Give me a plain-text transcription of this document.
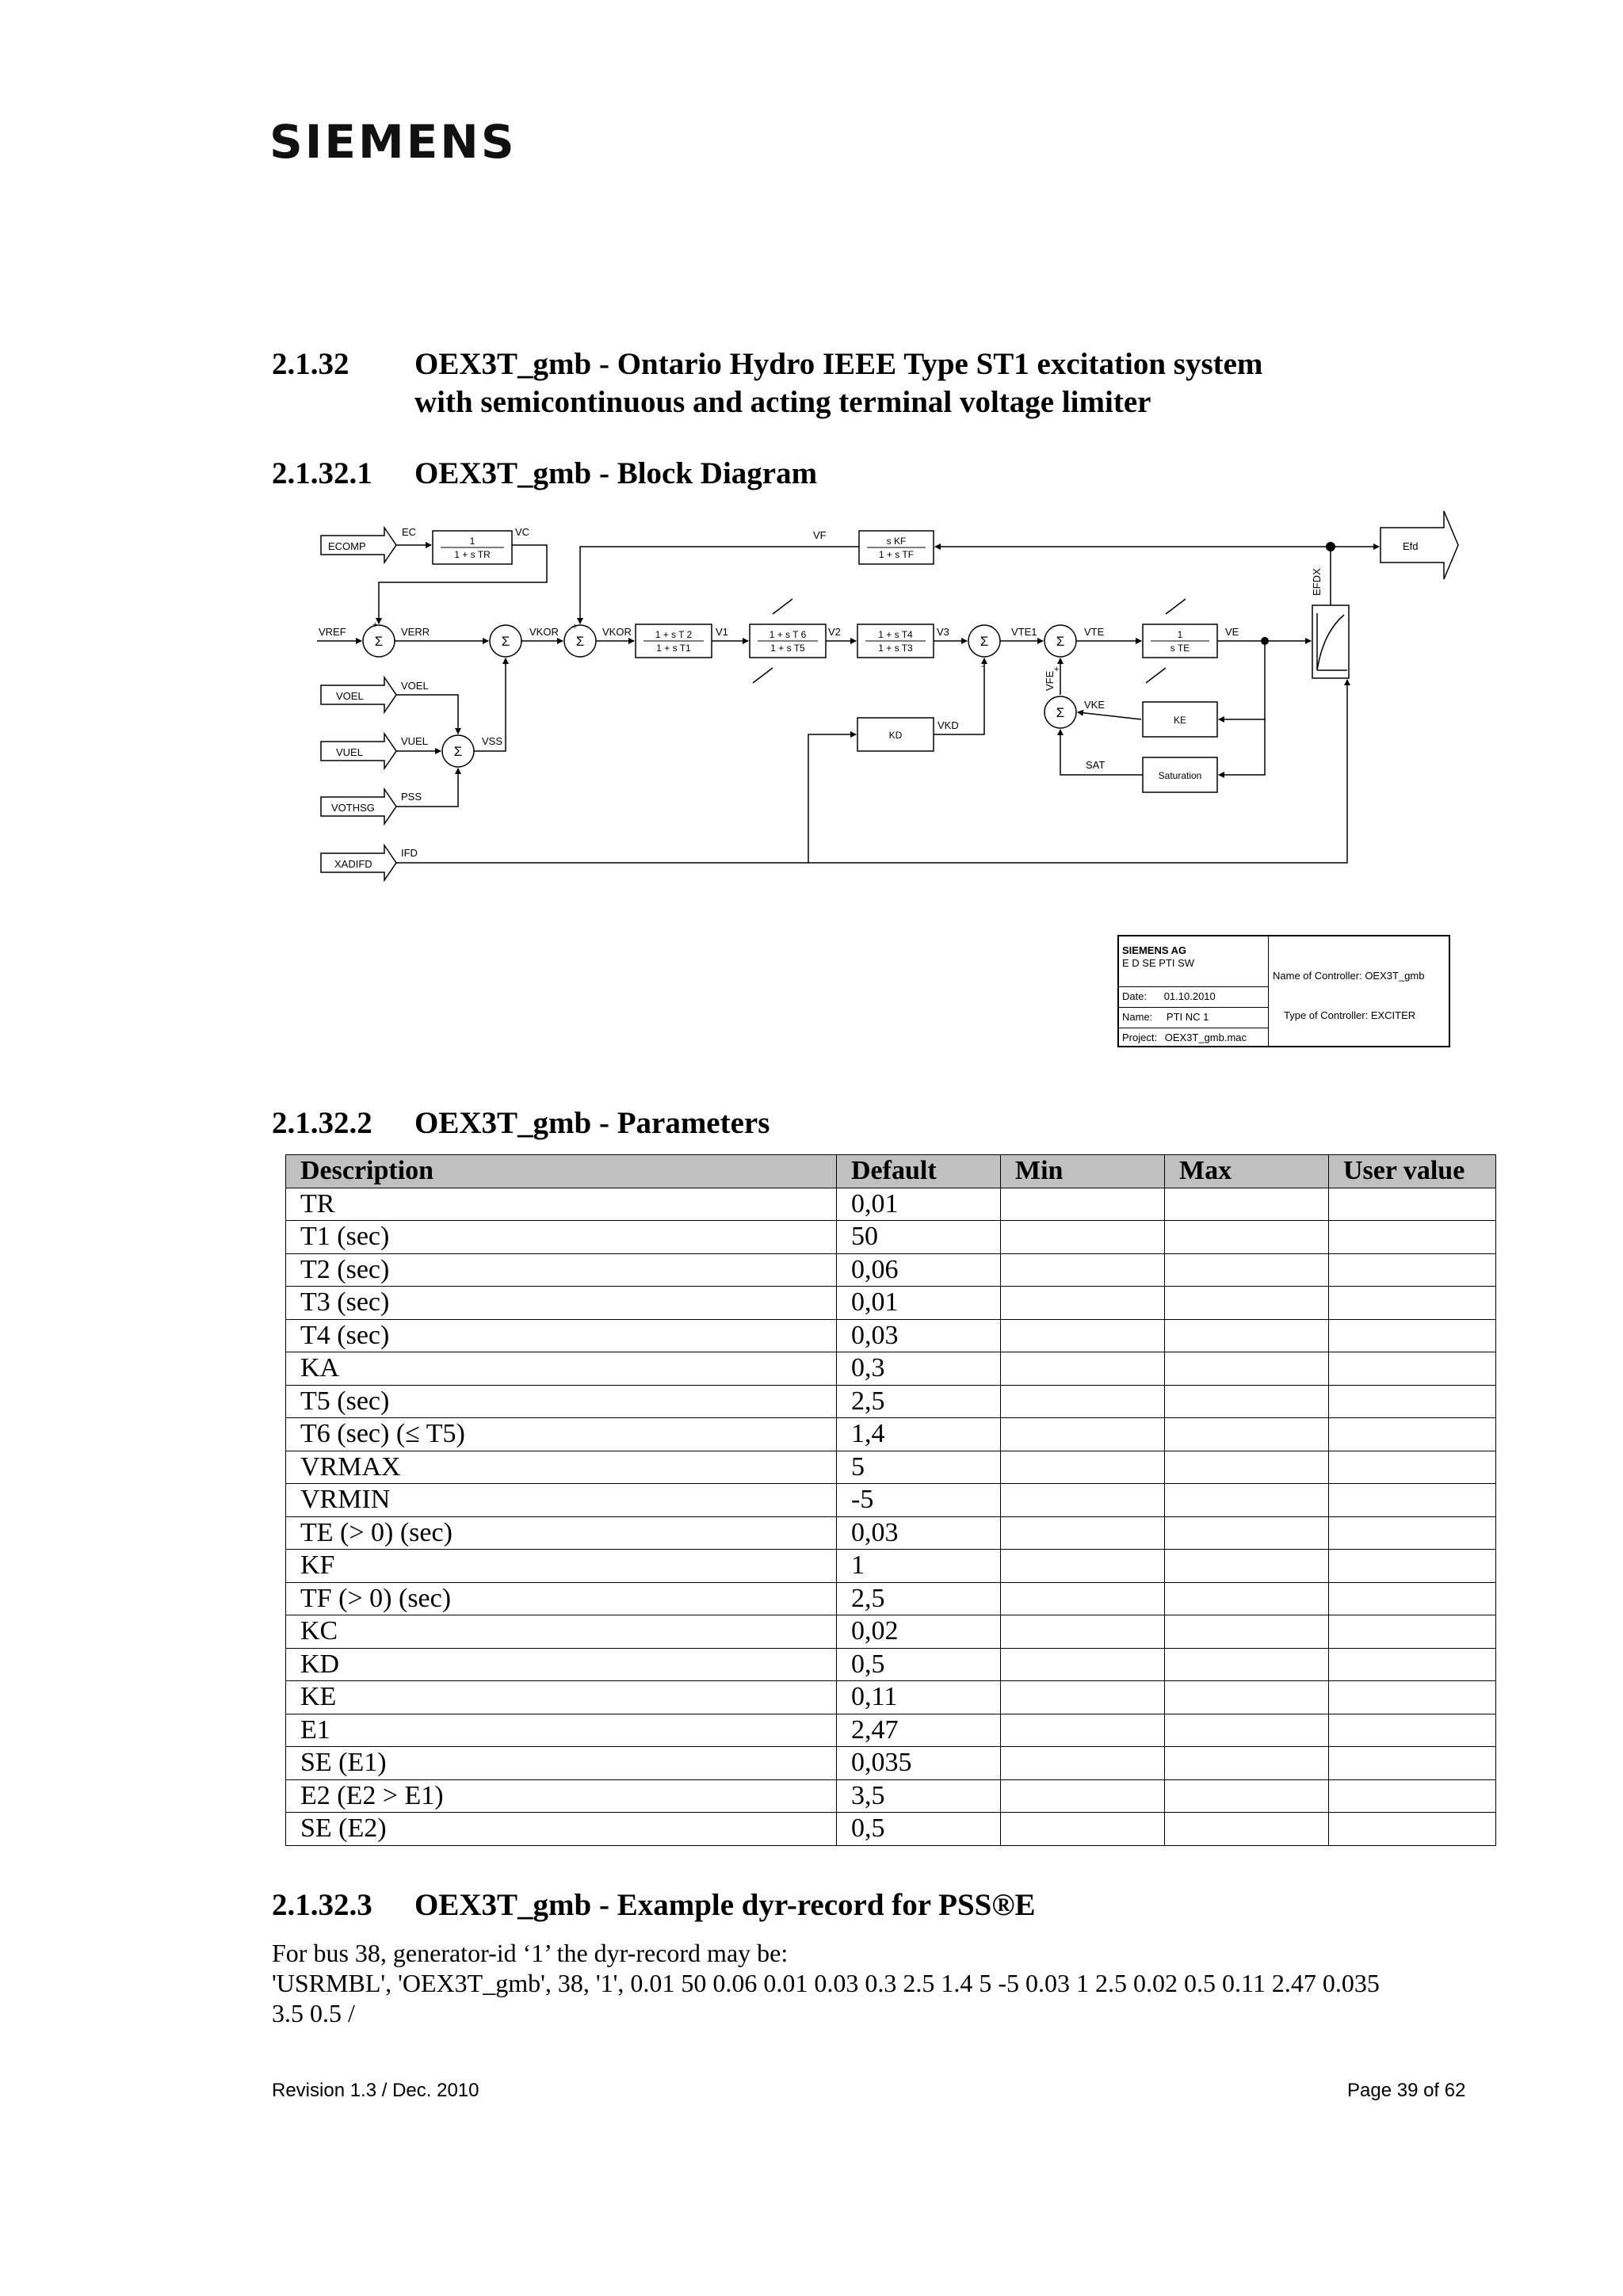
SIEMENS
2.1.32 OEX3T_gmb - Ontario Hydro IEEE Type ST1 excitation system
with semicontinuous and acting terminal voltage limiter
2.1.32.1 OEX3T_gmb - Block Diagram
ECOMP
VREF
VOEL
VUEL
VOTHSG
XADIFD
Efd
EC	VC	VF
VERR	VKOR	VKOR	V1	V2	V3	VTE1	VTE	VE
VOEL
VUEL	VSS
PSS
IFD
VKD
VKE
SAT
VFE
EFDX
Σ	Σ	Σ
Σ
Σ	Σ
Σ
1
1 + s TR
s KF
1 + s TF
1 + s T 2
1 + s T1
1 + s T 6
1 + s T5
1 + s T4
1 + s T3
1
s TE
KD
KE
Saturation
+	+
+
-
SIEMENS AG
E D SE PTI SW
Date: 01.10.2010
Name: PTI NC 1
Project: OEX3T_gmb.mac
Name of Controller: OEX3T_gmb
Type of Controller: EXCITER
2.1.32.2 OEX3T_gmb - Parameters
Description	Default	Min	Max	User value
TR	0,01			
T1 (sec)	50			
T2 (sec)	0,06			
T3 (sec)	0,01			
T4 (sec)	0,03			
KA	0,3			
T5 (sec)	2,5			
T6 (sec) (≤ T5)	1,4			
VRMAX	5			
VRMIN	-5			
TE (> 0) (sec)	0,03			
KF	1			
TF (> 0) (sec)	2,5			
KC	0,02			
KD	0,5			
KE	0,11			
E1	2,47			
SE (E1)	0,035			
E2 (E2 > E1)	3,5			
SE (E2)	0,5			
2.1.32.3 OEX3T_gmb - Example dyr-record for PSS®E
For bus 38, generator-id ‘1’ the dyr-record may be:
'USRMBL', 'OEX3T_gmb', 38, '1', 0.01 50 0.06 0.01 0.03 0.3 2.5 1.4 5 -5 0.03 1 2.5 0.02 0.5 0.11 2.47 0.035
3.5 0.5 /
Revision 1.3 / Dec. 2010	Page 39 of 62
